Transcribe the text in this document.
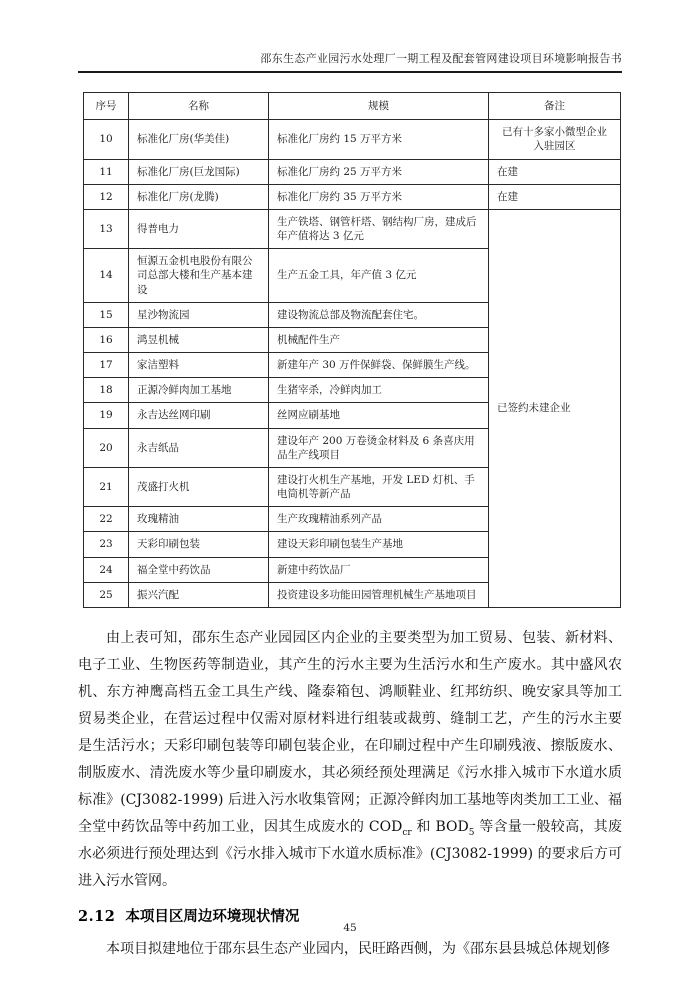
邵东生态产业园污水处理厂一期工程及配套管网建设项目环境影响报告书
序号	名称	规模	备注
10	标准化厂房(华美佳)	标准化厂房约 15 万平方米	已有十多家小微型企业入驻园区
11	标准化厂房(巨龙国际)	标准化厂房约 25 万平方米	在建
12	标准化厂房(龙腾)	标准化厂房约 35 万平方米	在建
13	得普电力	生产铁塔、钢管杆塔、钢结构厂房，建成后年产值将达 3 亿元	已签约未建企业
14	恒源五金机电股份有限公司总部大楼和生产基本建设	生产五金工具，年产值 3 亿元	
15	星沙物流园	建设物流总部及物流配套住宅。	
16	鸿昱机械	机械配件生产	
17	家洁塑料	新建年产 30 万件保鲜袋、保鲜膜生产线。	
18	正源冷鲜肉加工基地	生猪宰杀，冷鲜肉加工	
19	永吉达丝网印刷	丝网应刷基地	
20	永吉纸品	建设年产 200 万卷烫金材料及 6 条喜庆用品生产线项目	
21	茂盛打火机	建设打火机生产基地，开发 LED 灯机、手电筒机等新产品	
22	玫瑰精油	生产玫瑰精油系列产品	
23	天彩印刷包装	建设天彩印刷包装生产基地	
24	福全堂中药饮品	新建中药饮品厂	
25	振兴汽配	投资建设多功能田园管理机械生产基地项目	

由上表可知，邵东生态产业园园区内企业的主要类型为加工贸易、包装、新材料、电子工业、生物医药等制造业，其产生的污水主要为生活污水和生产废水。其中盛风农机、东方神鹰高档五金工具生产线、隆泰箱包、鸿顺鞋业、红邦纺织、晚安家具等加工贸易类企业，在营运过程中仅需对原材料进行组装或裁剪、缝制工艺，产生的污水主要是生活污水；天彩印刷包装等印刷包装企业，在印刷过程中产生印刷残液、擦版废水、制版废水、清洗废水等少量印刷废水，其必须经预处理满足《污水排入城市下水道水质标准》(CJ3082-1999) 后进入污水收集管网；正源冷鲜肉加工基地等肉类加工工业、福全堂中药饮品等中药加工业，因其生成废水的 $COD_{cr}$ 和 $BOD_5$ 等含量一般较高，其废水必须进行预处理达到《污水排入城市下水道水质标准》(CJ3082-1999) 的要求后方可进入污水管网。

2.12 本项目区周边环境现状情况

本项目拟建地位于邵东县生态产业园内，民旺路西侧，为《邵东县县城总体规划修

45
